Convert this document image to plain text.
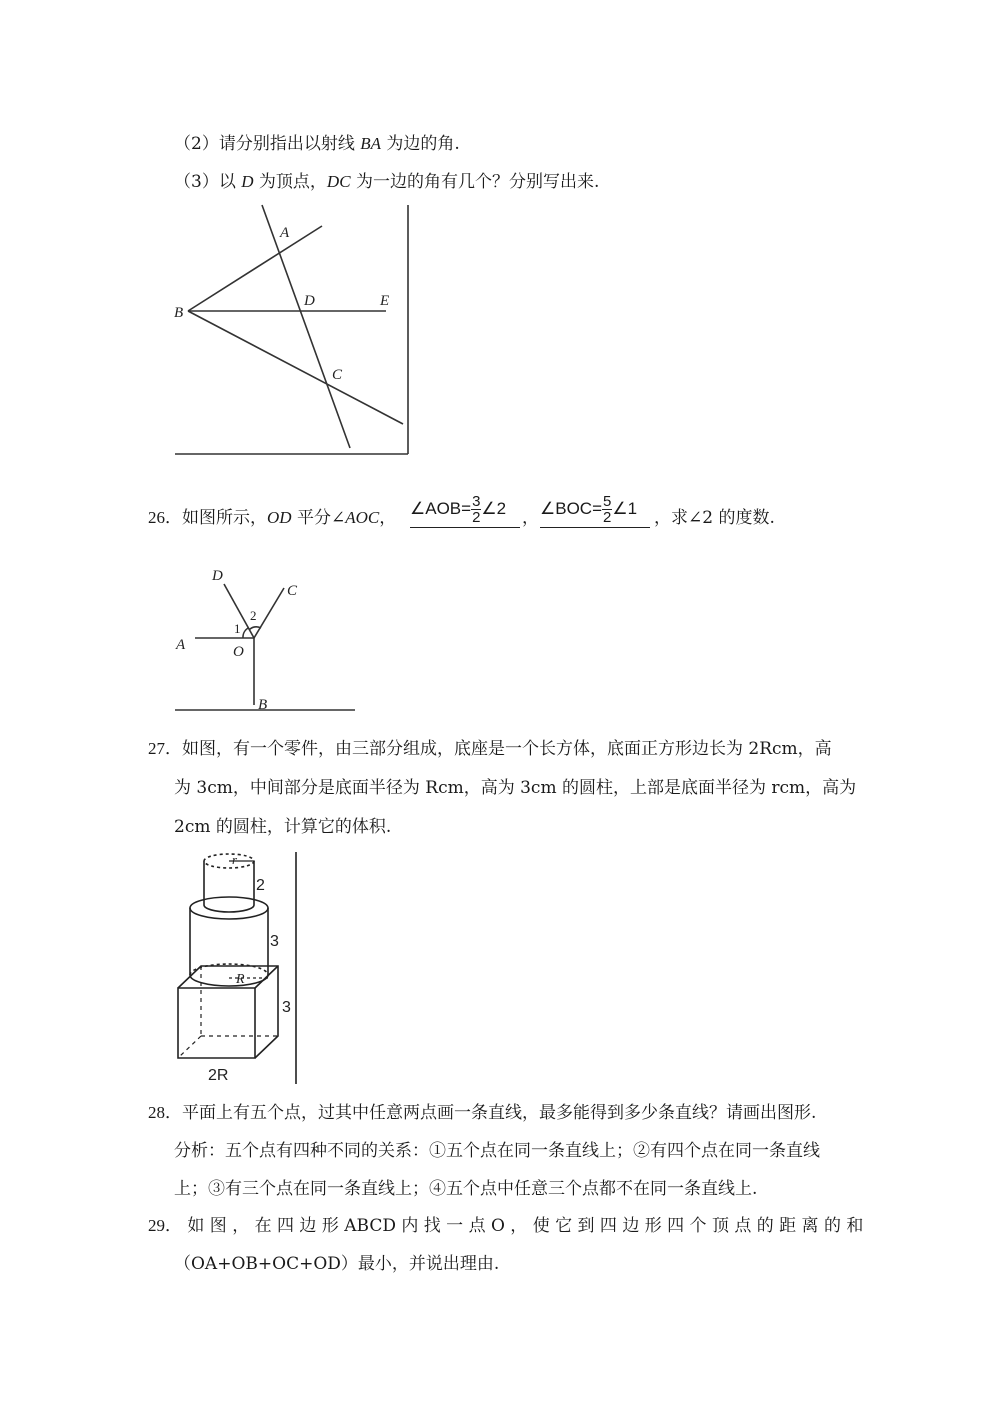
（2）请分别指出以射线 BA 为边的角.
（3）以 D 为顶点，DC 为一边的角有几个？分别写出来.
A
B
D	E
C
26．如图所示，OD 平分∠AOC， ∠AOB= $\frac{3}{2}$ ∠2 ， ∠BOC= $\frac{5}{2}$ ∠1 ，求∠2 的度数.
D
C
A	O
B
1
2
27．如图，有一个零件，由三部分组成，底座是一个长方体，底面正方形边长为 2Rcm，高
为 3cm，中间部分是底面半径为 Rcm，高为 3cm 的圆柱，上部是底面半径为 rcm，高为
2cm 的圆柱，计算它的体积.
r
2
3
R
3
2R
28．平面上有五个点，过其中任意两点画一条直线，最多能得到多少条直线？请画出图形.
分析：五个点有四种不同的关系：①五个点在同一条直线上；②有四个点在同一条直线
上；③有三个点在同一条直线上；④五个点中任意三个点都不在同一条直线上.
29． 如 图 ， 在 四 边 形 ABCD 内 找 一 点 O ， 使 它 到 四 边 形 四 个 顶 点 的 距 离 的 和
（OA+OB+OC+OD）最小，并说出理由.
